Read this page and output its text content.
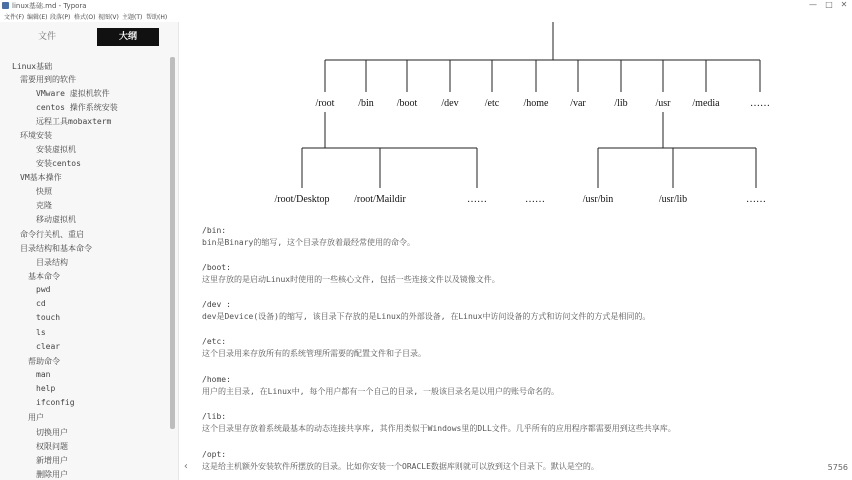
linux基础.md - Typora	— □ ✕
文件(F) 编辑(E) 段落(P) 格式(O) 视图(V) 主题(T) 帮助(H)
文件	大纲
Linux基础
需要用到的软件
VMware 虚拟机软件
centos 操作系统安装
远程工具mobaxterm
环境安装
安装虚拟机
安装centos
VM基本操作
快照
克隆
移动虚拟机
命令行关机、重启
目录结构和基本命令
目录结构
基本命令
pwd
cd
touch
ls
clear
帮助命令
man
help
ifconfig
用户
切换用户
权限问题
新增用户
删除用户
/root /bin /boot /dev	/etc /home /var	/lib	/usr /media	……
/root/Desktop /root/Maildir	……	……	/usr/bin	/usr/lib	……
/bin:
bin是Binary的缩写, 这个目录存放着最经常使用的命令。
/boot:
这里存放的是启动Linux时使用的一些核心文件, 包括一些连接文件以及镜像文件。
/dev :
dev是Device(设备)的缩写, 该目录下存放的是Linux的外部设备, 在Linux中访问设备的方式和访问文件的方式是相同的。
/etc:
这个目录用来存放所有的系统管理所需要的配置文件和子目录。
/home:
用户的主目录, 在Linux中, 每个用户都有一个自己的目录, 一般该目录名是以用户的账号命名的。
/lib:
这个目录里存放着系统最基本的动态连接共享库, 其作用类似于Windows里的DLL文件。几乎所有的应用程序都需要用到这些共享库。
/opt:
这是给主机额外安装软件所摆放的目录。比如你安装一个ORACLE数据库则就可以放到这个目录下。默认是空的。
‹	5756
